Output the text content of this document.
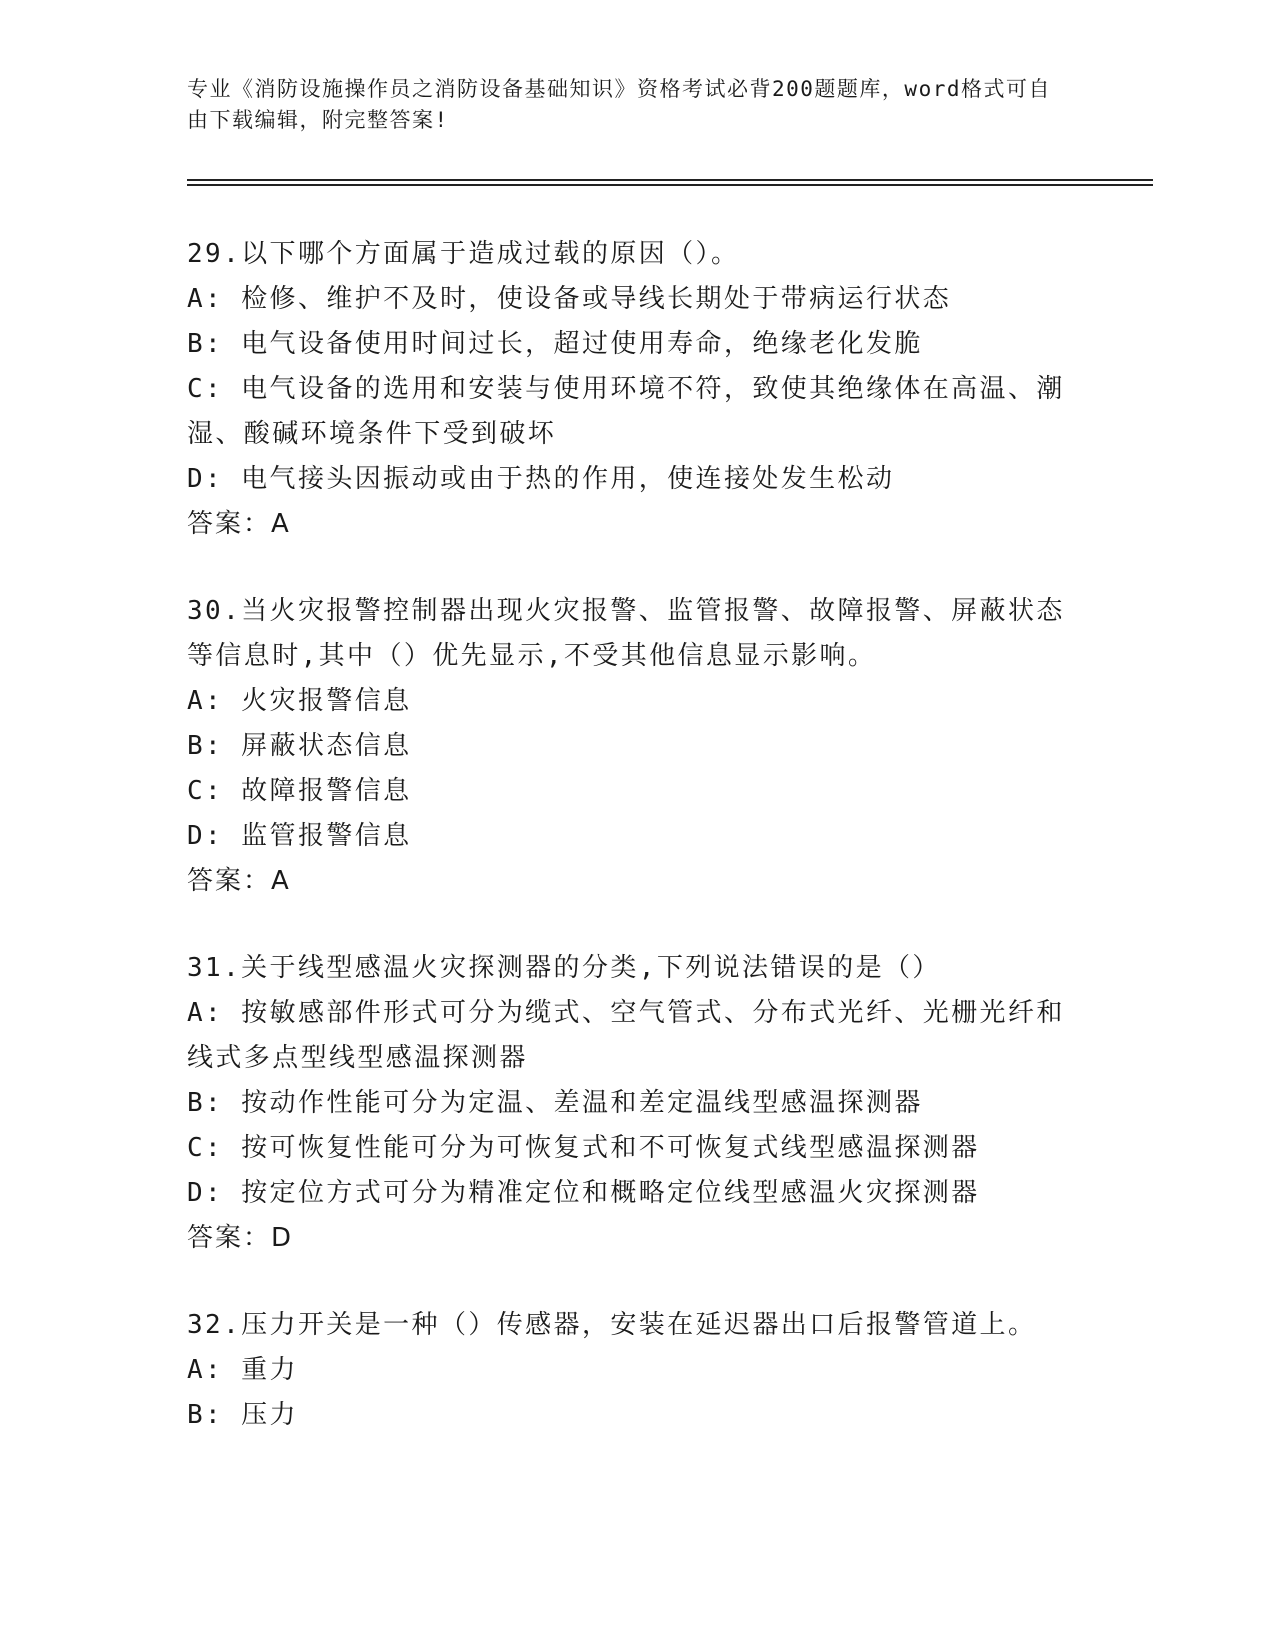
专业《消防设施操作员之消防设备基础知识》资格考试必背200题题库，word格式可自由下载编辑，附完整答案!
29.以下哪个方面属于造成过载的原因（）。
A: 检修、维护不及时，使设备或导线长期处于带病运行状态
B: 电气设备使用时间过长，超过使用寿命，绝缘老化发脆
C: 电气设备的选用和安装与使用环境不符，致使其绝缘体在高温、潮湿、酸碱环境条件下受到破坏
D: 电气接头因振动或由于热的作用，使连接处发生松动
答案：A
30.当火灾报警控制器出现火灾报警、监管报警、故障报警、屏蔽状态等信息时,其中（）优先显示,不受其他信息显示影响。
A: 火灾报警信息
B: 屏蔽状态信息
C: 故障报警信息
D: 监管报警信息
答案：A
31.关于线型感温火灾探测器的分类,下列说法错误的是（）
A: 按敏感部件形式可分为缆式、空气管式、分布式光纤、光栅光纤和线式多点型线型感温探测器
B: 按动作性能可分为定温、差温和差定温线型感温探测器
C: 按可恢复性能可分为可恢复式和不可恢复式线型感温探测器
D: 按定位方式可分为精准定位和概略定位线型感温火灾探测器
答案：D
32.压力开关是一种（）传感器，安装在延迟器出口后报警管道上。
A: 重力
B: 压力
